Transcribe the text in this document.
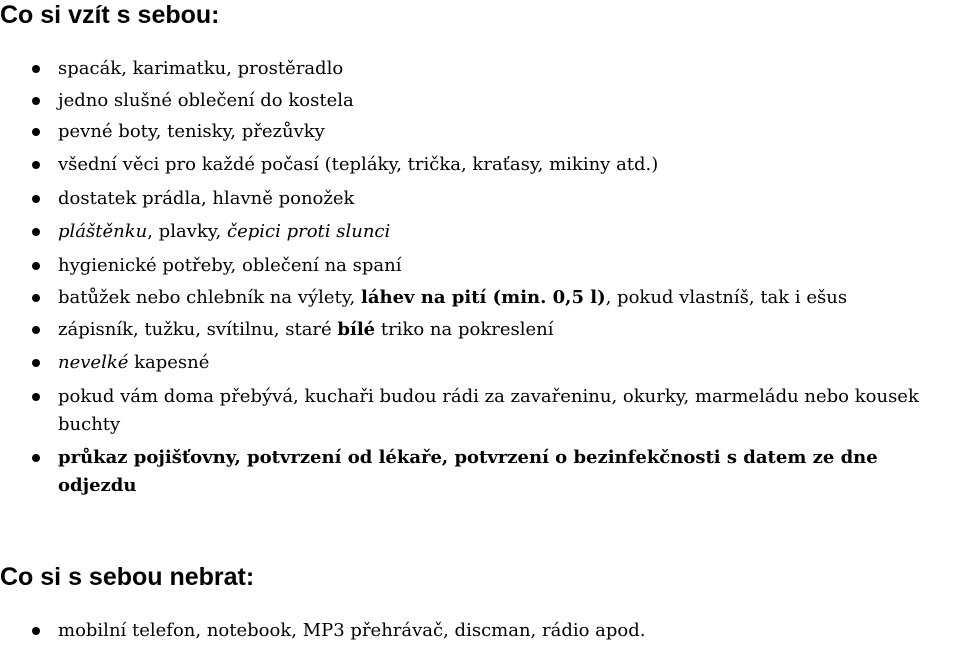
Co si vzít s sebou:
spacák, karimatku, prostěradlo
jedno slušné oblečení do kostela
pevné boty, tenisky, přezůvky
všední věci pro každé počasí (tepláky, trička, kraťasy, mikiny atd.)
dostatek prádla, hlavně ponožek
pláštěnku, plavky, čepici proti slunci
hygienické potřeby, oblečení na spaní
batůžek nebo chlebník na výlety, láhev na pití (min. 0,5 l), pokud vlastníš, tak i ešus
zápisník, tužku, svítilnu, staré bílé triko na pokreslení
nevelké kapesné
pokud vám doma přebývá, kuchaři budou rádi za zavařeninu, okurky, marmeládu nebo kousek buchty
průkaz pojišťovny, potvrzení od lékaře, potvrzení o bezinfekčnosti s datem ze dne odjezdu
Co si s sebou nebrat:
mobilní telefon, notebook, MP3 přehrávač, discman, rádio apod.
